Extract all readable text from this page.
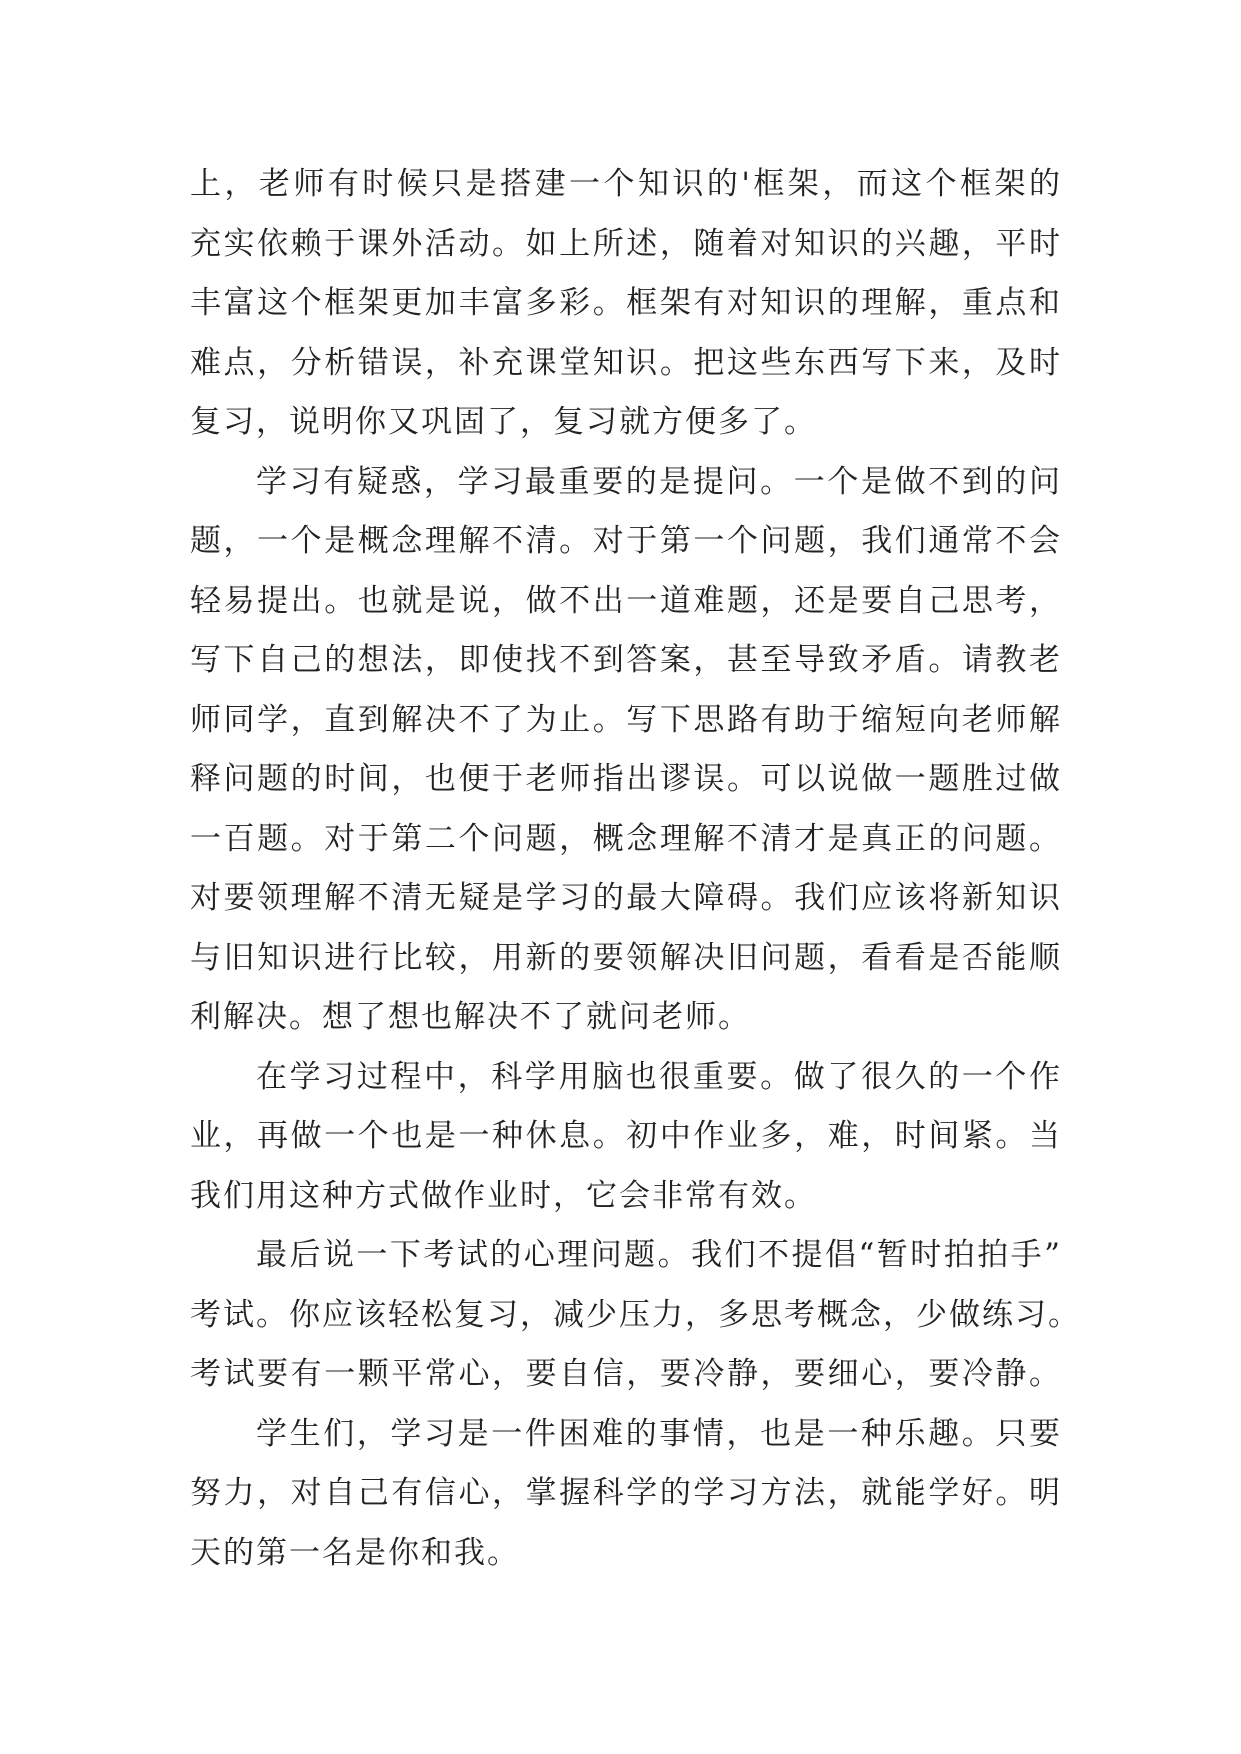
上，老师有时候只是搭建一个知识的'框架，而这个框架的
充实依赖于课外活动。如上所述，随着对知识的兴趣，平时
丰富这个框架更加丰富多彩。框架有对知识的理解，重点和
难点，分析错误，补充课堂知识。把这些东西写下来，及时
复习，说明你又巩固了，复习就方便多了。

学习有疑惑，学习最重要的是提问。一个是做不到的问
题，一个是概念理解不清。对于第一个问题，我们通常不会
轻易提出。也就是说，做不出一道难题，还是要自己思考，
写下自己的想法，即使找不到答案，甚至导致矛盾。请教老
师同学，直到解决不了为止。写下思路有助于缩短向老师解
释问题的时间，也便于老师指出谬误。可以说做一题胜过做
一百题。对于第二个问题，概念理解不清才是真正的问题。
对要领理解不清无疑是学习的最大障碍。我们应该将新知识
与旧知识进行比较，用新的要领解决旧问题，看看是否能顺
利解决。想了想也解决不了就问老师。

在学习过程中，科学用脑也很重要。做了很久的一个作
业，再做一个也是一种休息。初中作业多，难，时间紧。当
我们用这种方式做作业时，它会非常有效。

最后说一下考试的心理问题。我们不提倡“暂时拍拍手”
考试。你应该轻松复习，减少压力，多思考概念，少做练习。
考试要有一颗平常心，要自信，要冷静，要细心，要冷静。

学生们，学习是一件困难的事情，也是一种乐趣。只要
努力，对自己有信心，掌握科学的学习方法，就能学好。明
天的第一名是你和我。
